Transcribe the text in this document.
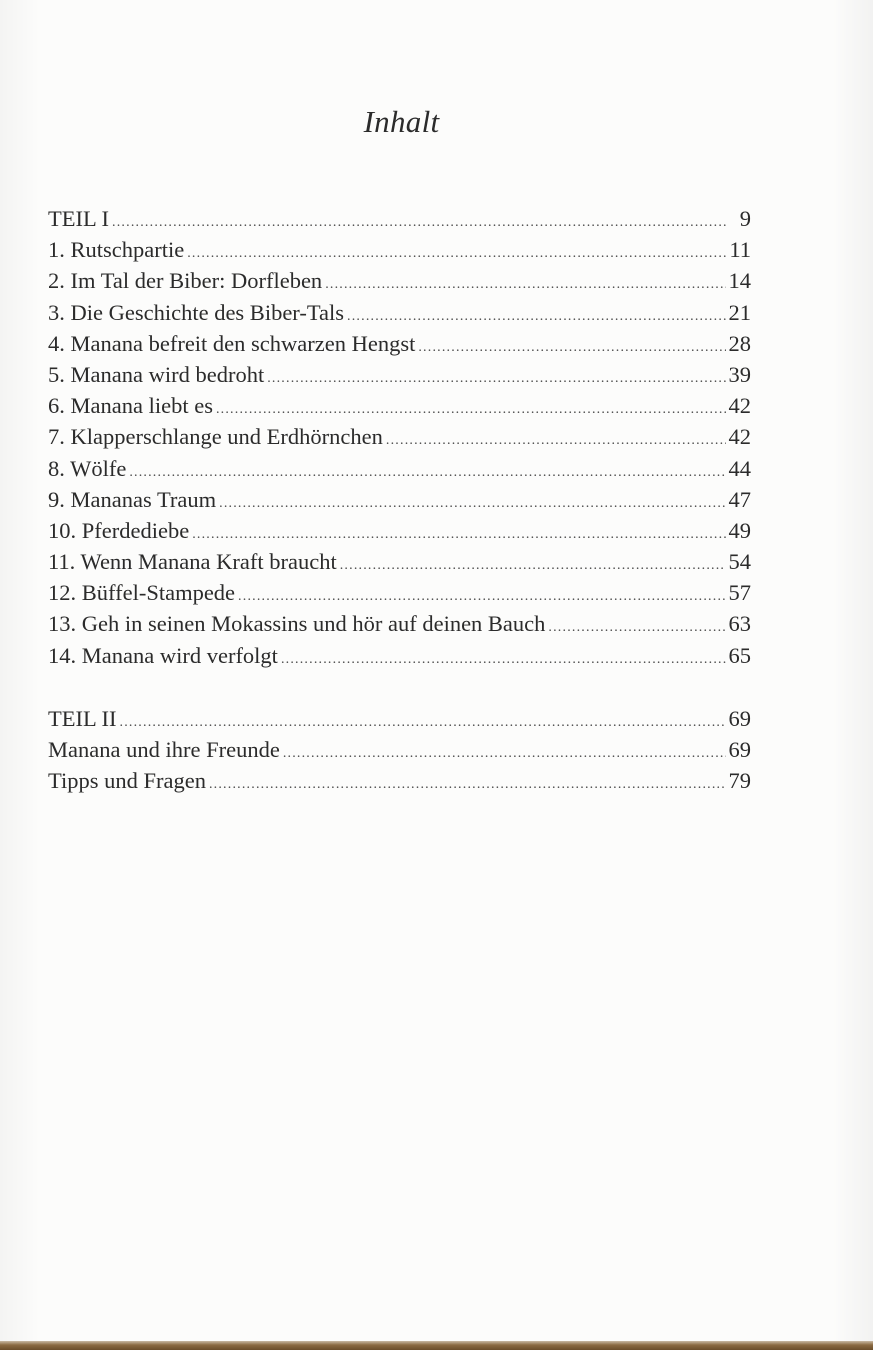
Inhalt
TEIL I .....	9
1. Rutschpartie .....	11
2. Im Tal der Biber: Dorfleben .....	14
3. Die Geschichte des Biber-Tals .....	21
4. Manana befreit den schwarzen Hengst .....	28
5. Manana wird bedroht .....	39
6. Manana liebt es .....	42
7. Klapperschlange und Erdhörnchen .....	42
8. Wölfe .....	44
9. Mananas Traum .....	47
10. Pferdediebe .....	49
11. Wenn Manana Kraft braucht .....	54
12. Büffel-Stampede .....	57
13. Geh in seinen Mokassins und hör auf deinen Bauch .....	63
14. Manana wird verfolgt .....	65
TEIL II .....	69
Manana und ihre Freunde .....	69
Tipps und Fragen .....	79
